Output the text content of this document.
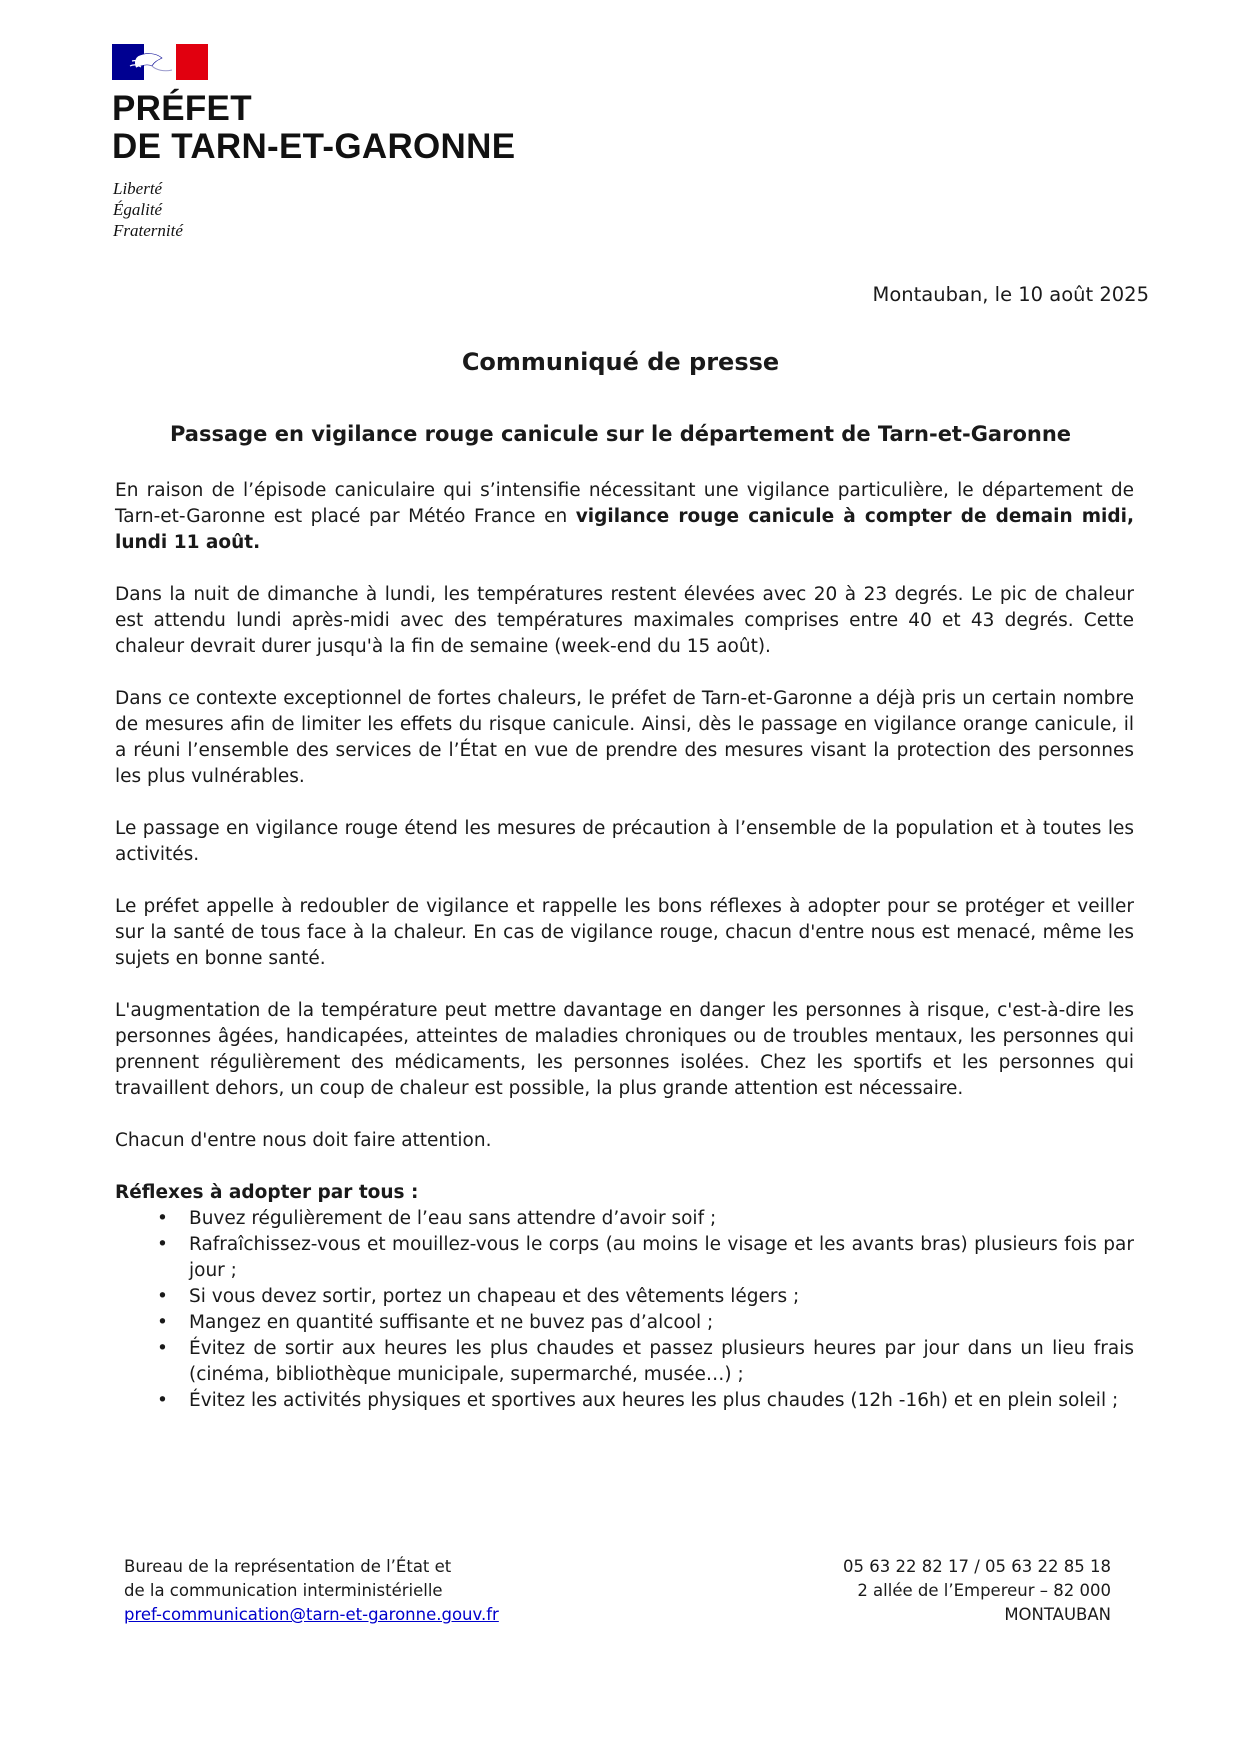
PRÉFET
DE TARN-ET-GARONNE
Liberté
Égalité
Fraternité
Montauban, le 10 août 2025
Communiqué de presse
Passage en vigilance rouge canicule sur le département de Tarn-et-Garonne

En raison de l’épisode caniculaire qui s’intensifie nécessitant une vigilance particulière, le département de Tarn-et-Garonne est placé par Météo France en vigilance rouge canicule à compter de demain midi, lundi 11 août.

Dans la nuit de dimanche à lundi, les températures restent élevées avec 20 à 23 degrés. Le pic de chaleur est attendu lundi après-midi avec des températures maximales comprises entre 40 et 43 degrés. Cette chaleur devrait durer jusqu'à la fin de semaine (week-end du 15 août).

Dans ce contexte exceptionnel de fortes chaleurs, le préfet de Tarn-et-Garonne a déjà pris un certain nombre de mesures afin de limiter les effets du risque canicule. Ainsi, dès le passage en vigilance orange canicule, il a réuni l’ensemble des services de l’État en vue de prendre des mesures visant la protection des personnes les plus vulnérables.

Le passage en vigilance rouge étend les mesures de précaution à l’ensemble de la population et à toutes les activités.

Le préfet appelle à redoubler de vigilance et rappelle les bons réflexes à adopter pour se protéger et veiller sur la santé de tous face à la chaleur. En cas de vigilance rouge, chacun d'entre nous est menacé, même les sujets en bonne santé.

L'augmentation de la température peut mettre davantage en danger les personnes à risque, c'est-à-dire les personnes âgées, handicapées, atteintes de maladies chroniques ou de troubles mentaux, les personnes qui prennent régulièrement des médicaments, les personnes isolées. Chez les sportifs et les personnes qui travaillent dehors, un coup de chaleur est possible, la plus grande attention est nécessaire.

Chacun d'entre nous doit faire attention.

Réflexes à adopter par tous :
• Buvez régulièrement de l’eau sans attendre d’avoir soif ;
• Rafraîchissez-vous et mouillez-vous le corps (au moins le visage et les avants bras) plusieurs fois par jour ;
• Si vous devez sortir, portez un chapeau et des vêtements légers ;
• Mangez en quantité suffisante et ne buvez pas d’alcool ;
• Évitez de sortir aux heures les plus chaudes et passez plusieurs heures par jour dans un lieu frais (cinéma, bibliothèque municipale, supermarché, musée…) ;
• Évitez les activités physiques et sportives aux heures les plus chaudes (12h -16h) et en plein soleil ;
Bureau de la représentation de l’État et
de la communication interministérielle
pref-communication@tarn-et-garonne.gouv.fr
05 63 22 82 17 / 05 63 22 85 18
2 allée de l’Empereur – 82 000
MONTAUBAN
